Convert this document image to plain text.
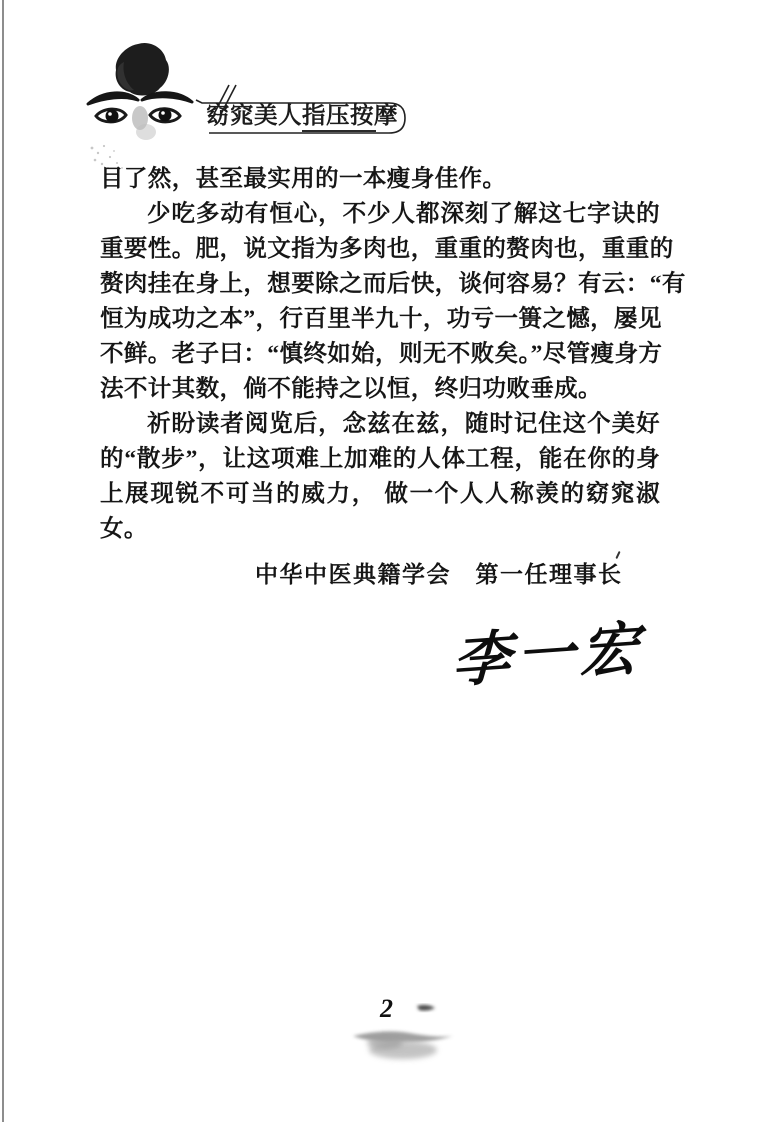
窈窕美人指压按摩
目了然，甚至最实用的一本瘦身佳作。
少吃多动有恒心，不少人都深刻了解这七字诀的
重要性。肥，说文指为多肉也，重重的赘肉也，重重的
赘肉挂在身上，想要除之而后快，谈何容易？有云：“有
恒为成功之本”，行百里半九十，功亏一篑之憾，屡见
不鲜。老子曰：“慎终如始，则无不败矣。”尽管瘦身方
法不计其数，倘不能持之以恒，终归功败垂成。
祈盼读者阅览后，念兹在兹，随时记住这个美好
的“散步”，让这项难上加难的人体工程，能在你的身
上展现锐不可当的威力， 做一个人人称羡的窈窕淑
女。
中华中医典籍学会　第一任理事长
李一宏
2
